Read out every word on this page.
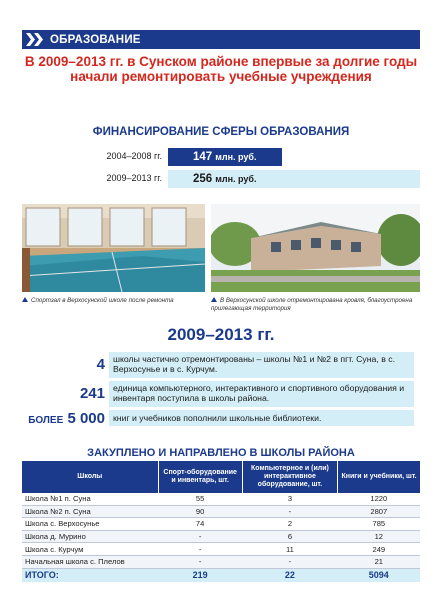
ОБРАЗОВАНИЕ
В 2009–2013 гг. в Сунском районе впервые за долгие годы начали ремонтировать учебные учреждения
ФИНАНСИРОВАНИЕ СФЕРЫ ОБРАЗОВАНИЯ
2004–2008 гг.	147 млн. руб.
2009–2013 гг.	256 млн. руб.
Спортзал в Верхосунской школе после ремонта	В Верхосунской школе отремонтирована кровля, благоустроена прилегающая территория
2009–2013 гг.
4 школы частично отремонтированы – школы №1 и №2 в пгт. Суна, в с. Верхосунье и в с. Курчум.
241 единица компьютерного, интерактивного и спортивного оборудования и инвентаря поступила в школы района.
БОЛЕЕ 5 000 книг и учебников пополнили школьные библиотеки.
ЗАКУПЛЕНО И НАПРАВЛЕНО В ШКОЛЫ РАЙОНА
Школы	Спорт-оборудование и инвентарь, шт.	Компьютерное и (или) интерактивное оборудование, шт.	Книги и учебники, шт.
Школа №1 п. Суна	55	3	1220
Школа №2 п. Суна	90	-	2807
Школа с. Верхосунье	74	2	785
Школа д. Мурино	-	6	12
Школа с. Курчум	-	11	249
Начальная школа с. Плелов	-	-	21
ИТОГО:	219	22	5094
